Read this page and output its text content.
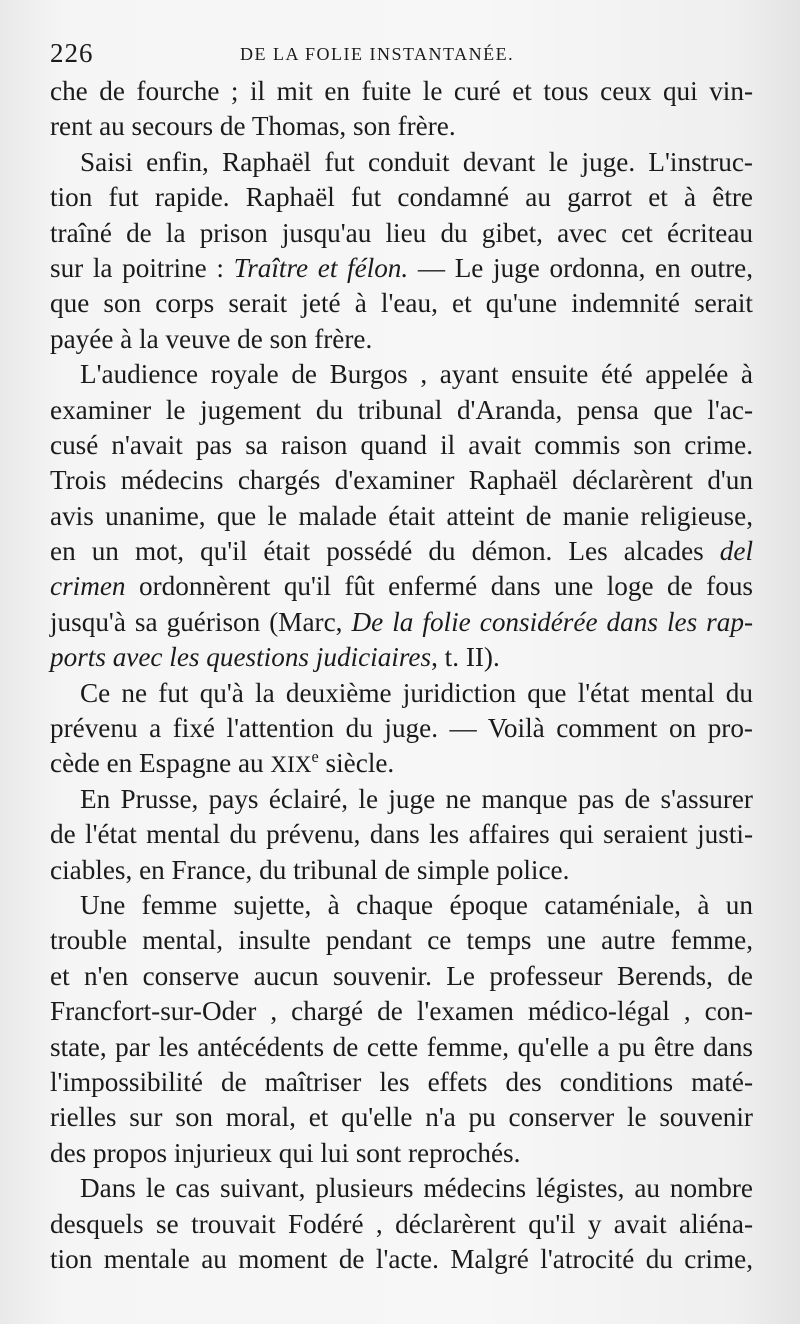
226	DE LA FOLIE INSTANTANÉE.
che de fourche ; il mit en fuite le curé et tous ceux qui vin-
rent au secours de Thomas, son frère.
Saisi enfin, Raphaël fut conduit devant le juge. L'instruc-
tion fut rapide. Raphaël fut condamné au garrot et à être
traîné de la prison jusqu'au lieu du gibet, avec cet écriteau
sur la poitrine : Traître et félon. — Le juge ordonna, en outre,
que son corps serait jeté à l'eau, et qu'une indemnité serait
payée à la veuve de son frère.
L'audience royale de Burgos , ayant ensuite été appelée à
examiner le jugement du tribunal d'Aranda, pensa que l'ac-
cusé n'avait pas sa raison quand il avait commis son crime.
Trois médecins chargés d'examiner Raphaël déclarèrent d'un
avis unanime, que le malade était atteint de manie religieuse,
en un mot, qu'il était possédé du démon. Les alcades del
crimen ordonnèrent qu'il fût enfermé dans une loge de fous
jusqu'à sa guérison (Marc, De la folie considérée dans les rap-
ports avec les questions judiciaires, t. II).
Ce ne fut qu'à la deuxième juridiction que l'état mental du
prévenu a fixé l'attention du juge. — Voilà comment on pro-
cède en Espagne au XIXe siècle.
En Prusse, pays éclairé, le juge ne manque pas de s'assurer
de l'état mental du prévenu, dans les affaires qui seraient justi-
ciables, en France, du tribunal de simple police.
Une femme sujette, à chaque époque cataméniale, à un
trouble mental, insulte pendant ce temps une autre femme,
et n'en conserve aucun souvenir. Le professeur Berends, de
Francfort-sur-Oder , chargé de l'examen médico-légal , con-
state, par les antécédents de cette femme, qu'elle a pu être dans
l'impossibilité de maîtriser les effets des conditions maté-
rielles sur son moral, et qu'elle n'a pu conserver le souvenir
des propos injurieux qui lui sont reprochés.
Dans le cas suivant, plusieurs médecins légistes, au nombre
desquels se trouvait Fodéré , déclarèrent qu'il y avait aliéna-
tion mentale au moment de l'acte. Malgré l'atrocité du crime,
